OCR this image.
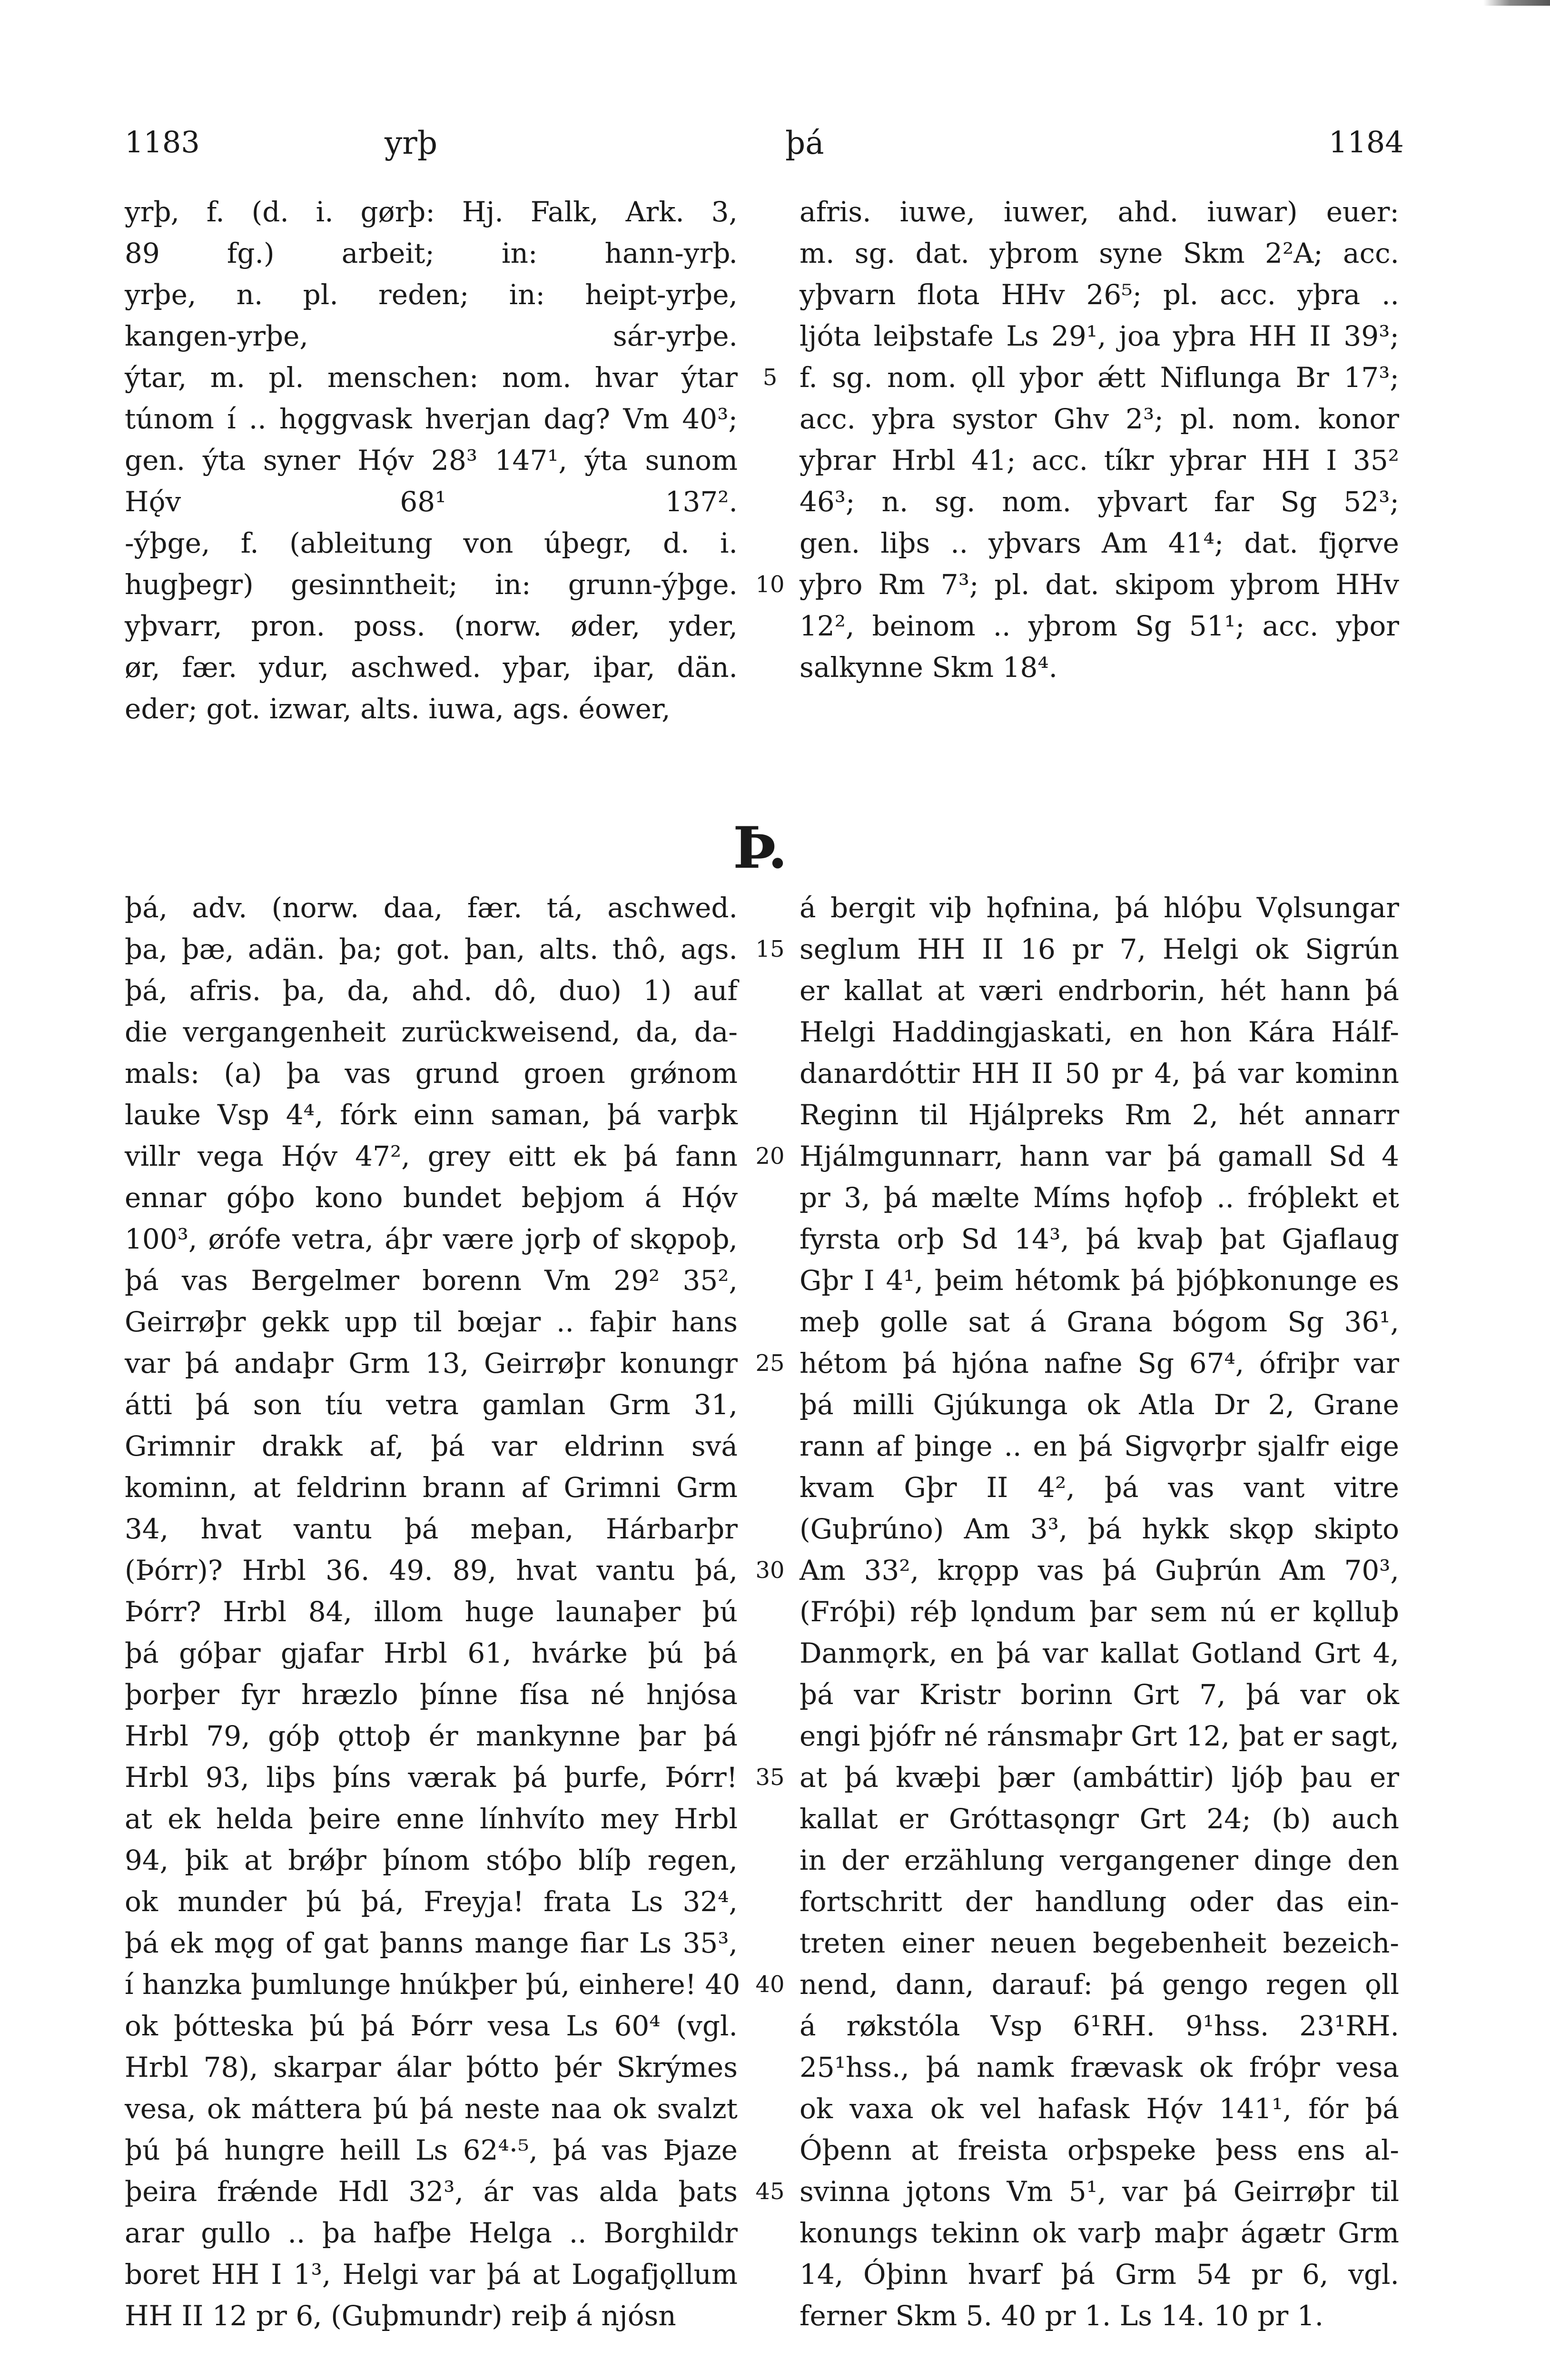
1183	yrþ	þá	1184
yrþ, f. (d. i. gørþ: Hj. Falk, Ark. 3,
89 fg.) arbeit; in: hann-yrþ.
yrþe, n. pl. reden; in: heipt-yrþe,
kangen-yrþe, sár-yrþe.
ýtar, m. pl. menschen: nom. hvar ýtar
túnom í .. hǫggvask hverjan dag? Vm 40³;
gen. ýta syner Hǫ́v 28³ 147¹, ýta sunom
Hǫ́v 68¹ 137².
-ýþge, f. (ableitung von úþegr, d. i.
hugþegr) gesinntheit; in: grunn-ýþge.
yþvarr, pron. poss. (norw. øder, yder,
ør, fær. ydur, aschwed. yþar, iþar, dän.
eder; got. izwar, alts. iuwa, ags. éower,
afris. iuwe, iuwer, ahd. iuwar) euer:
m. sg. dat. yþrom syne Skm 2²A; acc.
yþvarn flota HHv 26⁵; pl. acc. yþra ..
ljóta leiþstafe Ls 29¹, joa yþra HH II 39³;
f. sg. nom. ǫll yþor ǽtt Niflunga Br 17³;
acc. yþra systor Ghv 2³; pl. nom. konor
yþrar Hrbl 41; acc. tíkr yþrar HH I 35²
46³; n. sg. nom. yþvart far Sg 52³;
gen. liþs .. yþvars Am 41⁴; dat. fjǫrve
yþro Rm 7³; pl. dat. skipom yþrom HHv
12², beinom .. yþrom Sg 51¹; acc. yþor
salkynne Skm 18⁴.
Þ.
þá, adv. (norw. daa, fær. tá, aschwed.
þa, þæ, adän. þa; got. þan, alts. thô, ags.
þá, afris. þa, da, ahd. dô, duo) 1) auf
die vergangenheit zurückweisend, da, da-
mals: (a) þa vas grund groen grǿnom
lauke Vsp 4⁴, fórk einn saman, þá varþk
villr vega Hǫ́v 47², grey eitt ek þá fann
ennar góþo kono bundet beþjom á Hǫ́v
100³, ørófe vetra, áþr være jǫrþ of skǫpoþ,
þá vas Bergelmer borenn Vm 29² 35²,
Geirrøþr gekk upp til bœjar .. faþir hans
var þá andaþr Grm 13, Geirrøþr konungr
átti þá son tíu vetra gamlan Grm 31,
Grimnir drakk af, þá var eldrinn svá
kominn, at feldrinn brann af Grimni Grm
34, hvat vantu þá meþan, Hárbarþr
(Þórr)? Hrbl 36. 49. 89, hvat vantu þá,
Þórr? Hrbl 84, illom huge launaþer þú
þá góþar gjafar Hrbl 61, hvárke þú þá
þorþer fyr hræzlo þínne físa né hnjósa
Hrbl 79, góþ ǫttoþ ér mankynne þar þá
Hrbl 93, liþs þíns værak þá þurfe, Þórr!
at ek helda þeire enne línhvíto mey Hrbl
94, þik at brǿþr þínom stóþo blíþ regen,
ok munder þú þá, Freyja! frata Ls 32⁴,
þá ek mǫg of gat þanns mange fiar Ls 35³,
í hanzka þumlunge hnúkþer þú, einhere! 40
ok þótteska þú þá Þórr vesa Ls 60⁴ (vgl.
Hrbl 78), skarpar álar þótto þér Skrýmes
vesa, ok máttera þú þá neste naa ok svalzt
þú þá hungre heill Ls 62⁴·⁵, þá vas Þjaze
þeira frǽnde Hdl 32³, ár vas alda þats
arar gullo .. þa hafþe Helga .. Borghildr
boret HH I 1³, Helgi var þá at Logafjǫllum
HH II 12 pr 6, (Guþmundr) reiþ á njósn
á bergit viþ hǫfnina, þá hlóþu Vǫlsungar
seglum HH II 16 pr 7, Helgi ok Sigrún
er kallat at væri endrborin, hét hann þá
Helgi Haddingjaskati, en hon Kára Hálf-
danardóttir HH II 50 pr 4, þá var kominn
Reginn til Hjálpreks Rm 2, hét annarr
Hjálmgunnarr, hann var þá gamall Sd 4
pr 3, þá mælte Míms hǫfoþ .. fróþlekt et
fyrsta orþ Sd 14³, þá kvaþ þat Gjaflaug
Gþr I 4¹, þeim hétomk þá þjóþkonunge es
meþ golle sat á Grana bógom Sg 36¹,
hétom þá hjóna nafne Sg 67⁴, ófriþr var
þá milli Gjúkunga ok Atla Dr 2, Grane
rann af þinge .. en þá Sigvǫrþr sjalfr eige
kvam Gþr II 4², þá vas vant vitre
(Guþrúno) Am 3³, þá hykk skǫp skipto
Am 33², krǫpp vas þá Guþrún Am 70³,
(Fróþi) réþ lǫndum þar sem nú er kǫlluþ
Danmǫrk, en þá var kallat Gotland Grt 4,
þá var Kristr borinn Grt 7, þá var ok
engi þjófr né ránsmaþr Grt 12, þat er sagt,
at þá kvæþi þær (ambáttir) ljóþ þau er
kallat er Gróttasǫngr Grt 24; (b) auch
in der erzählung vergangener dinge den
fortschritt der handlung oder das ein-
treten einer neuen begebenheit bezeich-
nend, dann, darauf: þá gengo regen ǫll
á røkstóla Vsp 6¹RH. 9¹hss. 23¹RH.
25¹hss., þá namk frævask ok fróþr vesa
ok vaxa ok vel hafask Hǫ́v 141¹, fór þá
Óþenn at freista orþspeke þess ens al-
svinna jǫtons Vm 5¹, var þá Geirrøþr til
konungs tekinn ok varþ maþr ágætr Grm
14, Óþinn hvarf þá Grm 54 pr 6, vgl.
ferner Skm 5. 40 pr 1. Ls 14. 10 pr 1.
5
10
15
20
25
30
35
40
45
